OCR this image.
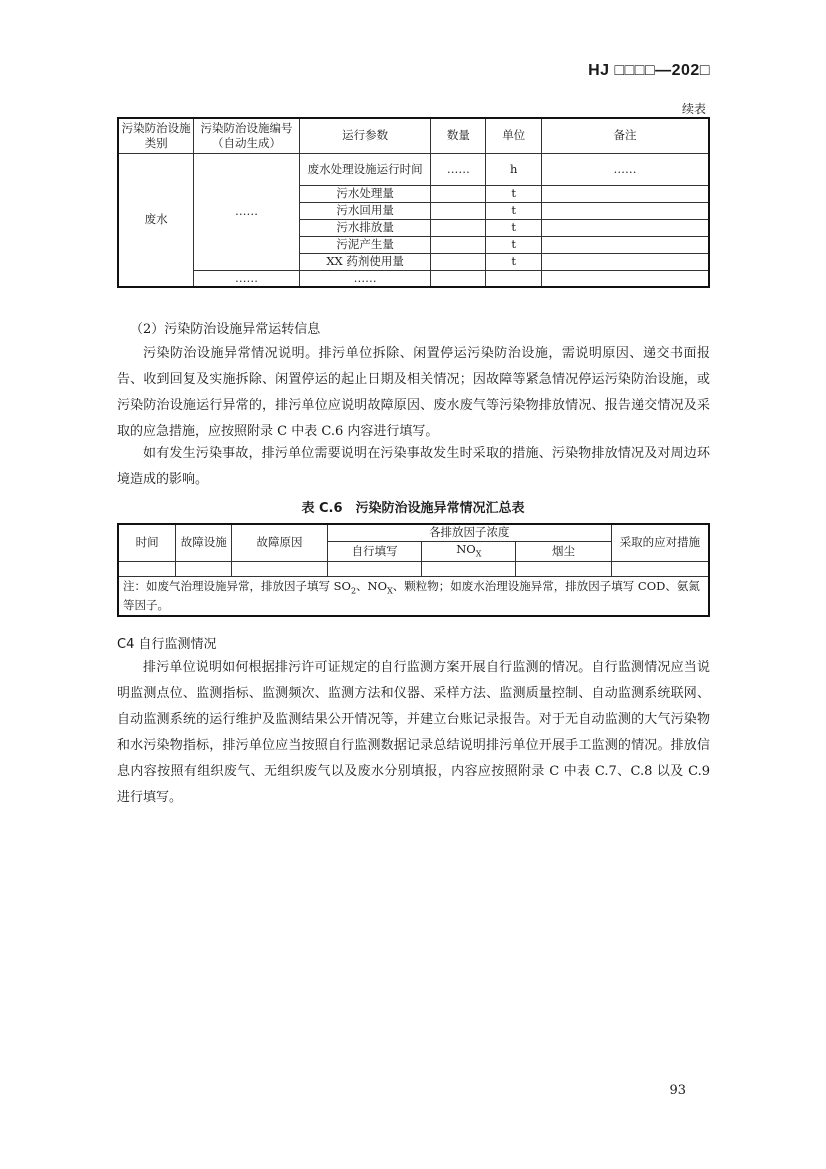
HJ □□□□—202□
续表
污染防治设施类别	污染防治设施编号（自动生成）	运行参数	数量	单位	备注
废水	……	废水处理设施运行时间	……	h	……
		污水处理量		t	
		污水回用量		t	
		污水排放量		t	
		污泥产生量		t	
		XX 药剂使用量		t	
	……	……			
（2）污染防治设施异常运转信息
污染防治设施异常情况说明。排污单位拆除、闲置停运污染防治设施，需说明原因、递交书面报告、收到回复及实施拆除、闲置停运的起止日期及相关情况；因故障等紧急情况停运污染防治设施，或污染防治设施运行异常的，排污单位应说明故障原因、废水废气等污染物排放情况、报告递交情况及采取的应急措施，应按照附录 C 中表 C.6 内容进行填写。
如有发生污染事故，排污单位需要说明在污染事故发生时采取的措施、污染物排放情况及对周边环境造成的影响。
表 C.6　污染防治设施异常情况汇总表
时间	故障设施	故障原因	各排放因子浓度			采取的应对措施
			自行填写	$NO_X$	烟尘	

注：如废气治理设施异常，排放因子填写 $SO_2$、$NO_X$、颗粒物；如废水治理设施异常，排放因子填写 COD、氨氮等因子。						
C4 自行监测情况
排污单位说明如何根据排污许可证规定的自行监测方案开展自行监测的情况。自行监测情况应当说明监测点位、监测指标、监测频次、监测方法和仪器、采样方法、监测质量控制、自动监测系统联网、自动监测系统的运行维护及监测结果公开情况等，并建立台账记录报告。对于无自动监测的大气污染物和水污染物指标，排污单位应当按照自行监测数据记录总结说明排污单位开展手工监测的情况。排放信息内容按照有组织废气、无组织废气以及废水分别填报，内容应按照附录 C 中表 C.7、C.8 以及 C.9 进行填写。
93
